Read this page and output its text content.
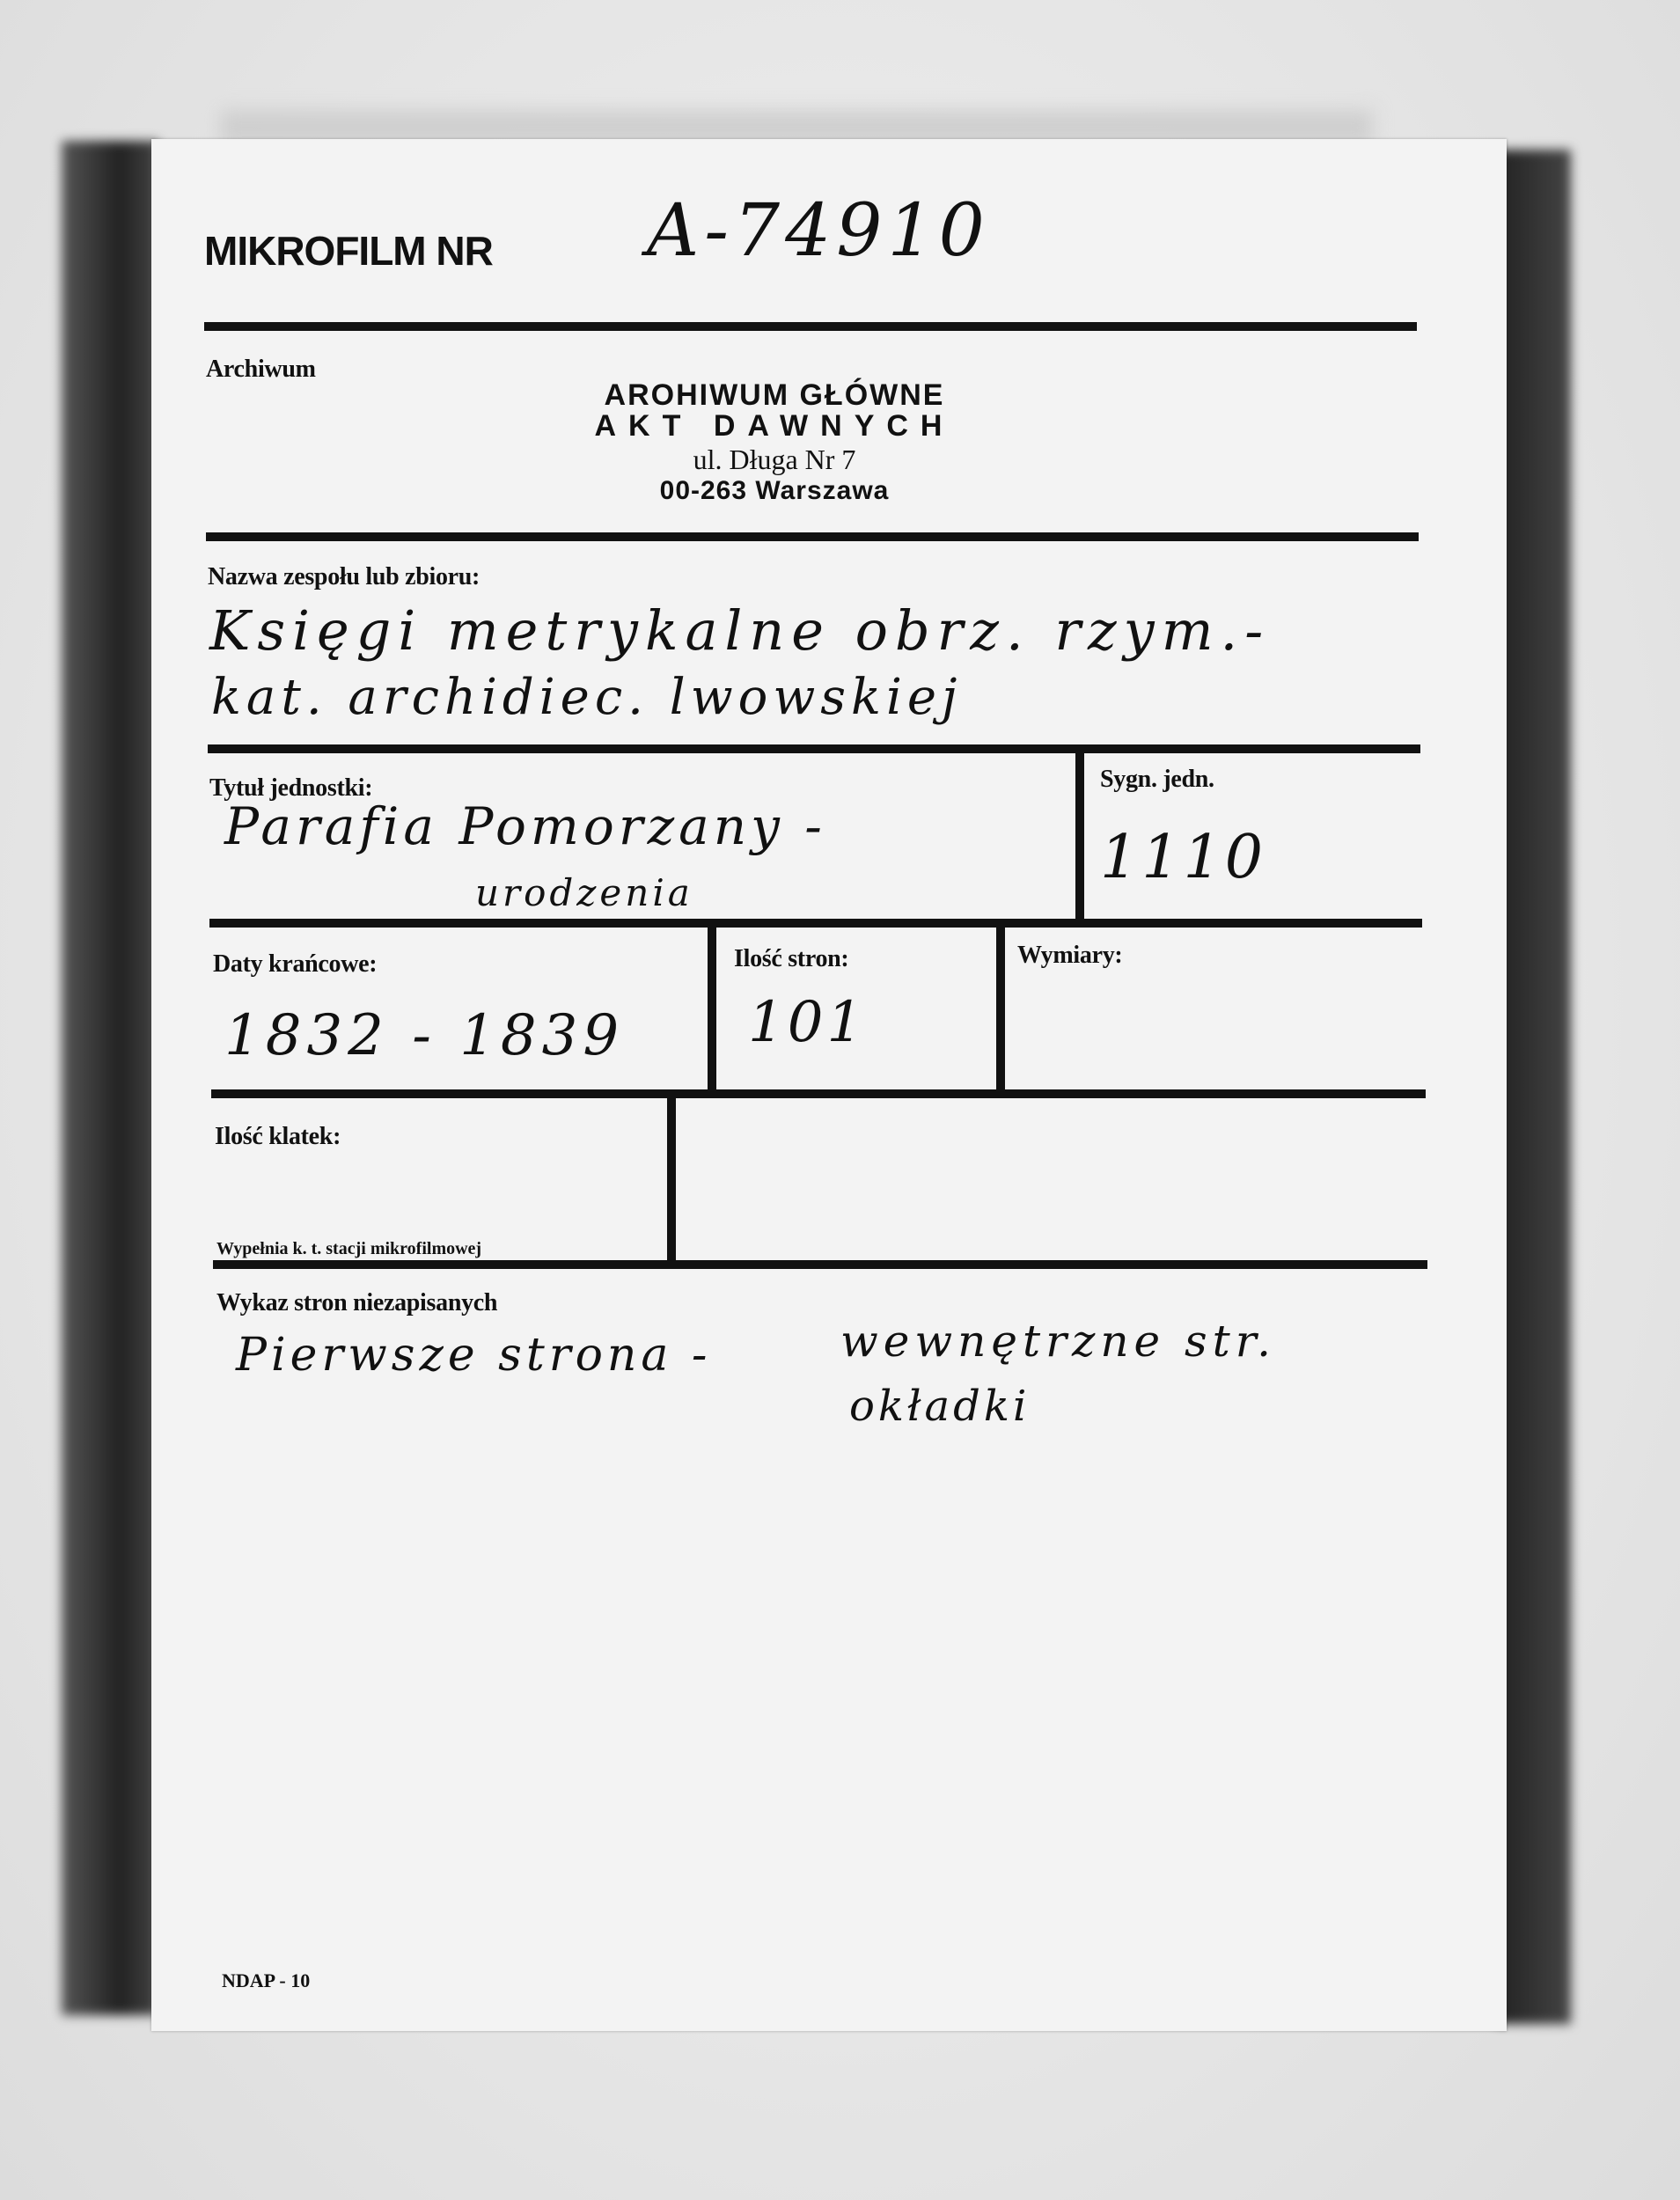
MIKROFILM NR A-74910
Archiwum
AROHIWUM GŁÓWNE
AKT DAWNYCH
ul. Długa Nr 7
00-263 Warszawa
Nazwa zespołu lub zbioru:
Księgi metrykalne obrz. rzym.-
kat. archidiec. lwowskiej
Tytuł jednostki:
Parafia Pomorzany -
urodzenia
Sygn. jedn.
1110
Daty krańcowe:
1832 - 1839
Ilość stron:
101
Wymiary:
Ilość klatek:
Wypełnia k. t. stacji mikrofilmowej
Wykaz stron niezapisanych
Pierwsze strona -	wewnętrzne str.
okładki
NDAP - 10
